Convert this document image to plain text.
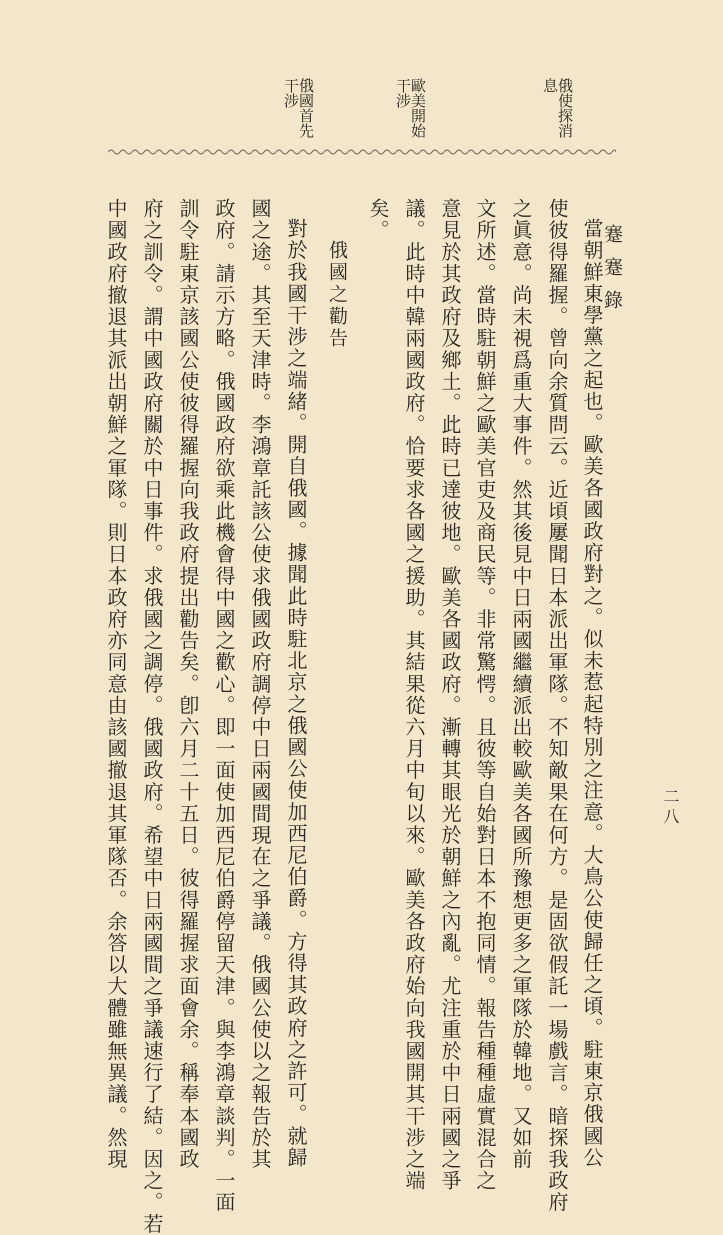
蹇蹇錄
二八
俄使探消息
歐美開始干涉
俄國首先干涉
當朝鮮東學黨之起也。歐美各國政府對之。似未惹起特別之注意。大鳥公使歸任之頃。駐東京俄國公
使彼得羅握。曾向余質問云。近頃屢聞日本派出軍隊。不知敵果在何方。是固欲假託一場戲言。暗探我政府
之眞意。尚未視爲重大事件。然其後見中日兩國繼續派出較歐美各國所豫想更多之軍隊於韓地。又如前
文所述。當時駐朝鮮之歐美官吏及商民等。非常驚愕。且彼等自始對日本不抱同情。報告種種虛實混合之
意見於其政府及鄉土。此時已達彼地。歐美各國政府。漸轉其眼光於朝鮮之內亂。尤注重於中日兩國之爭
議。此時中韓兩國政府。恰要求各國之援助。其結果從六月中旬以來。歐美各政府始向我國開其干涉之端
矣。
俄國之勸告
對於我國干涉之端緒。開自俄國。據聞此時駐北京之俄國公使加西尼伯爵。方得其政府之許可。就歸
國之途。其至天津時。李鴻章託該公使求俄國政府調停中日兩國間現在之爭議。俄國公使以之報告於其
政府。請示方略。俄國政府欲乘此機會得中國之歡心。即一面使加西尼伯爵停留天津。與李鴻章談判。一面
訓令駐東京該國公使彼得羅握向我政府提出勸告矣。卽六月二十五日。彼得羅握求面會余。稱奉本國政
府之訓令。謂中國政府關於中日事件。求俄國之調停。俄國政府。希望中日兩國間之爭議速行了結。因之。若
中國政府撤退其派出朝鮮之軍隊。則日本政府亦同意由該國撤退其軍隊否。余答以大體雖無異議。然現
